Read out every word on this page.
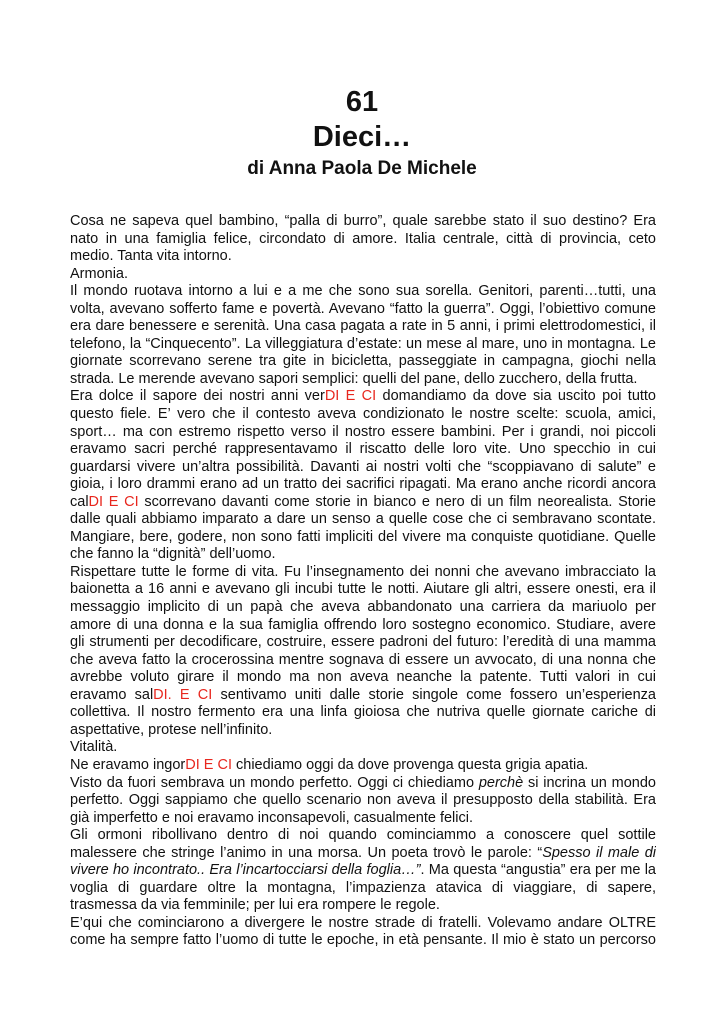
61
Dieci…
di Anna Paola De Michele
Cosa ne sapeva quel bambino, “palla di burro”, quale sarebbe stato il suo destino? Era
nato in una famiglia felice, circondato di amore. Italia centrale, città di provincia, ceto
medio. Tanta vita intorno.
Armonia.
Il mondo ruotava intorno a lui e a me che sono sua sorella. Genitori, parenti…tutti, una
volta, avevano sofferto fame e povertà. Avevano “fatto la guerra”. Oggi, l’obiettivo comune
era dare benessere e serenità. Una casa pagata a rate in 5 anni, i primi elettrodomestici, il
telefono, la “Cinquecento”. La villeggiatura d’estate: un mese al mare, uno in montagna. Le
giornate scorrevano serene tra gite in bicicletta, passeggiate in campagna, giochi nella
strada. Le merende avevano sapori semplici: quelli del pane, dello zucchero, della frutta.
Era dolce il sapore dei nostri anni verDI E CI domandiamo da dove sia uscito poi tutto
questo fiele. E’ vero che il contesto aveva condizionato le nostre scelte: scuola, amici,
sport… ma con estremo rispetto verso il nostro essere bambini. Per i grandi, noi piccoli
eravamo sacri perché rappresentavamo il riscatto delle loro vite. Uno specchio in cui
guardarsi vivere un’altra possibilità. Davanti ai nostri volti che “scoppiavano di salute” e
gioia, i loro drammi erano ad un tratto dei sacrifici ripagati. Ma erano anche ricordi ancora
calDI E CI scorrevano davanti come storie in bianco e nero di un film neorealista. Storie
dalle quali abbiamo imparato a dare un senso a quelle cose che ci sembravano scontate.
Mangiare, bere, godere, non sono fatti impliciti del vivere ma conquiste quotidiane. Quelle
che fanno la “dignità” dell’uomo.
Rispettare tutte le forme di vita. Fu l’insegnamento dei nonni che avevano imbracciato la
baionetta a 16 anni e avevano gli incubi tutte le notti. Aiutare gli altri, essere onesti, era il
messaggio implicito di un papà che aveva abbandonato una carriera da mariuolo per
amore di una donna e la sua famiglia offrendo loro sostegno economico. Studiare, avere
gli strumenti per decodificare, costruire, essere padroni del futuro: l’eredità di una mamma
che aveva fatto la crocerossina mentre sognava di essere un avvocato, di una nonna che
avrebbe voluto girare il mondo ma non aveva neanche la patente. Tutti valori in cui
eravamo salDI. E CI sentivamo uniti dalle storie singole come fossero un’esperienza
collettiva. Il nostro fermento era una linfa gioiosa che nutriva quelle giornate cariche di
aspettative, protese nell’infinito.
Vitalità.
Ne eravamo ingorDI E CI chiediamo oggi da dove provenga questa grigia apatia.
Visto da fuori sembrava un mondo perfetto. Oggi ci chiediamo perchè si incrina un mondo
perfetto. Oggi sappiamo che quello scenario non aveva il presupposto della stabilità. Era
già imperfetto e noi eravamo inconsapevoli, casualmente felici.
Gli ormoni ribollivano dentro di noi quando cominciammo a conoscere quel sottile
malessere che stringe l’animo in una morsa. Un poeta trovò le parole: “Spesso il male di
vivere ho incontrato.. Era l’incartocciarsi della foglia…”. Ma questa “angustia” era per me la
voglia di guardare oltre la montagna, l’impazienza atavica di viaggiare, di sapere,
trasmessa da via femminile; per lui era rompere le regole.
E’qui che cominciarono a divergere le nostre strade di fratelli. Volevamo andare OLTRE
come ha sempre fatto l’uomo di tutte le epoche, in età pensante. Il mio è stato un percorso
